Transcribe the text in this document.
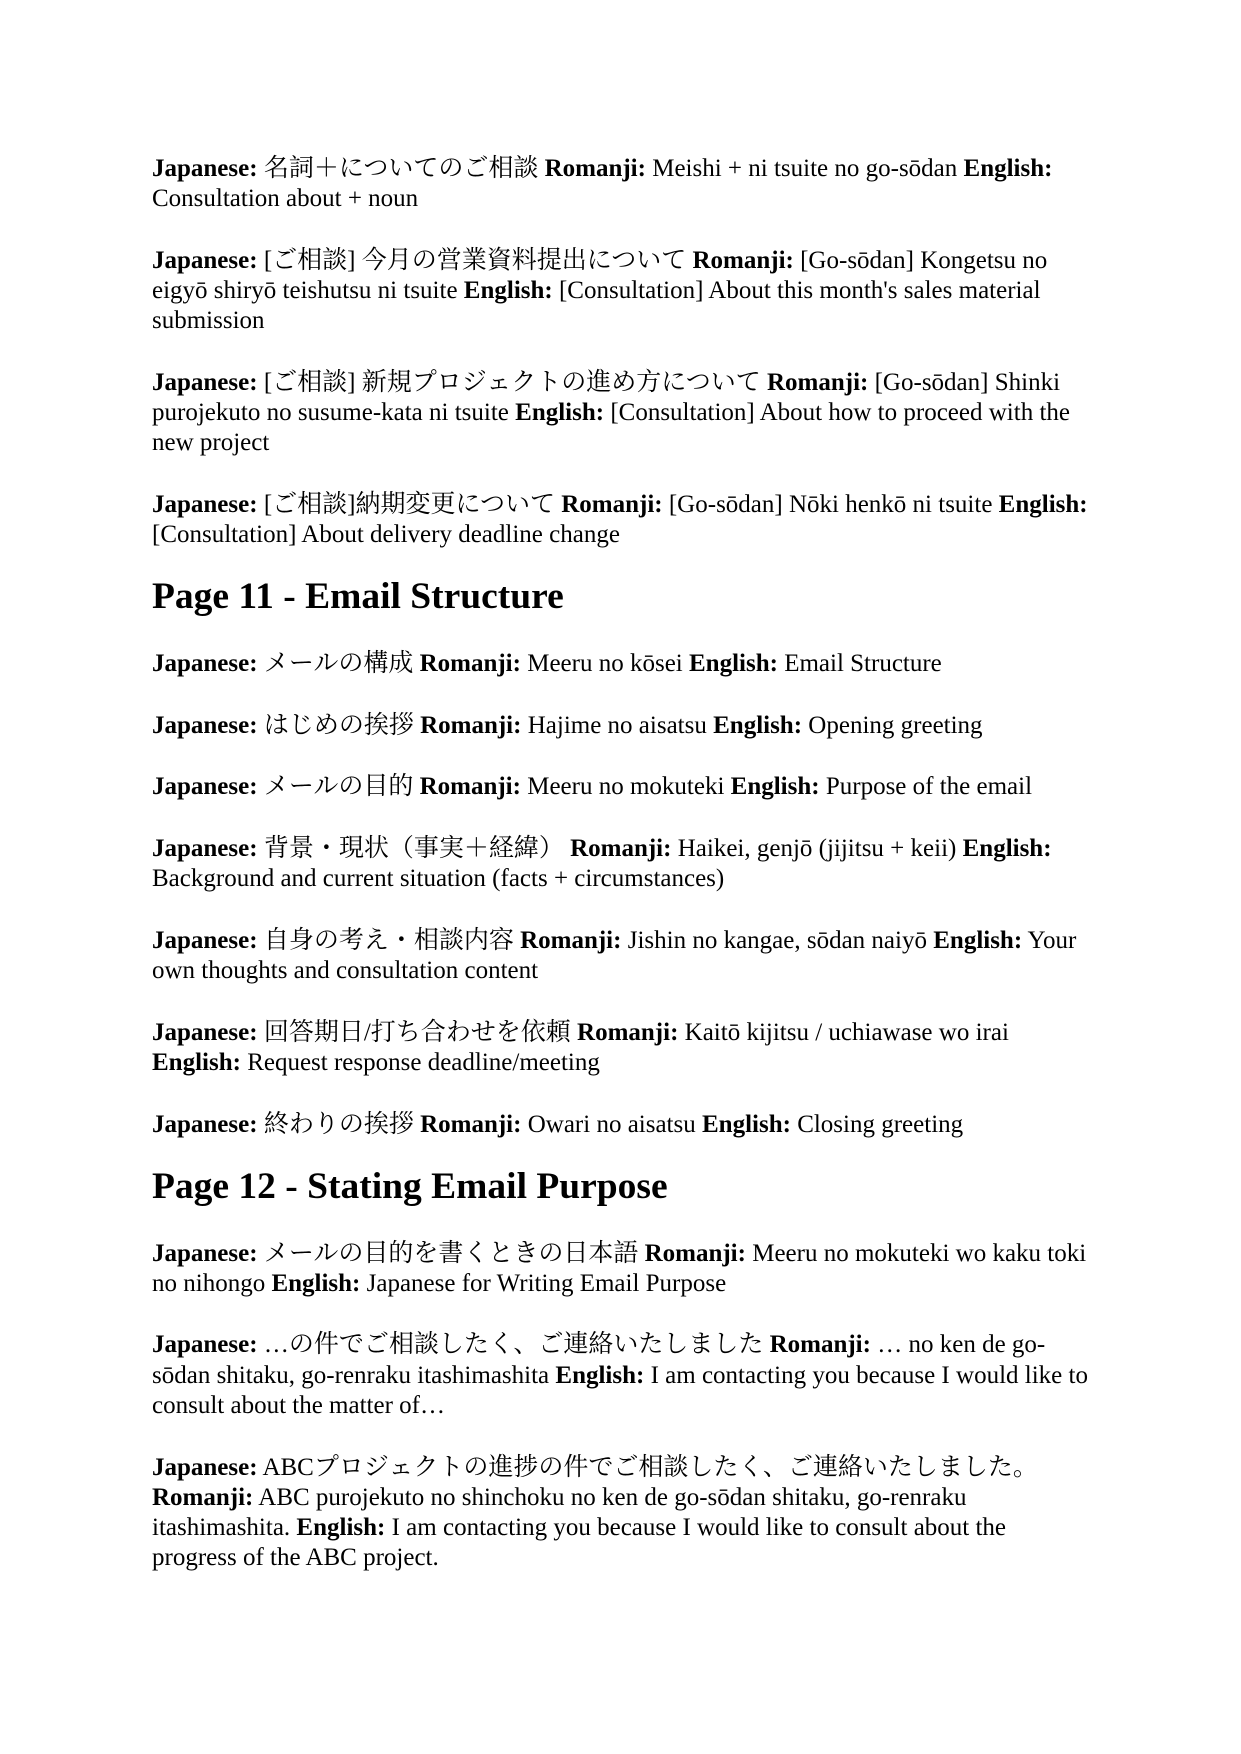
Japanese: 名詞＋についてのご相談 Romanji: Meishi + ni tsuite no go-sōdan English: Consultation about + noun

Japanese: [ご相談] 今月の営業資料提出について Romanji: [Go-sōdan] Kongetsu no eigyō shiryō teishutsu ni tsuite English: [Consultation] About this month's sales material submission

Japanese: [ご相談] 新規プロジェクトの進め方について Romanji: [Go-sōdan] Shinki purojekuto no susume-kata ni tsuite English: [Consultation] About how to proceed with the new project

Japanese: [ご相談]納期変更について Romanji: [Go-sōdan] Nōki henkō ni tsuite English: [Consultation] About delivery deadline change

Page 11 - Email Structure

Japanese: メールの構成 Romanji: Meeru no kōsei English: Email Structure

Japanese: はじめの挨拶 Romanji: Hajime no aisatsu English: Opening greeting

Japanese: メールの目的 Romanji: Meeru no mokuteki English: Purpose of the email

Japanese: 背景・現状（事実＋経緯） Romanji: Haikei, genjō (jijitsu + keii) English: Background and current situation (facts + circumstances)

Japanese: 自身の考え・相談内容 Romanji: Jishin no kangae, sōdan naiyō English: Your own thoughts and consultation content

Japanese: 回答期日/打ち合わせを依頼 Romanji: Kaitō kijitsu / uchiawase wo irai English: Request response deadline/meeting

Japanese: 終わりの挨拶 Romanji: Owari no aisatsu English: Closing greeting

Page 12 - Stating Email Purpose

Japanese: メールの目的を書くときの日本語 Romanji: Meeru no mokuteki wo kaku toki no nihongo English: Japanese for Writing Email Purpose

Japanese: …の件でご相談したく、ご連絡いたしました Romanji: … no ken de go-sōdan shitaku, go-renraku itashimashita English: I am contacting you because I would like to consult about the matter of…

Japanese: ABCプロジェクトの進捗の件でご相談したく、ご連絡いたしました。 Romanji: ABC purojekuto no shinchoku no ken de go-sōdan shitaku, go-renraku itashimashita. English: I am contacting you because I would like to consult about the progress of the ABC project.
